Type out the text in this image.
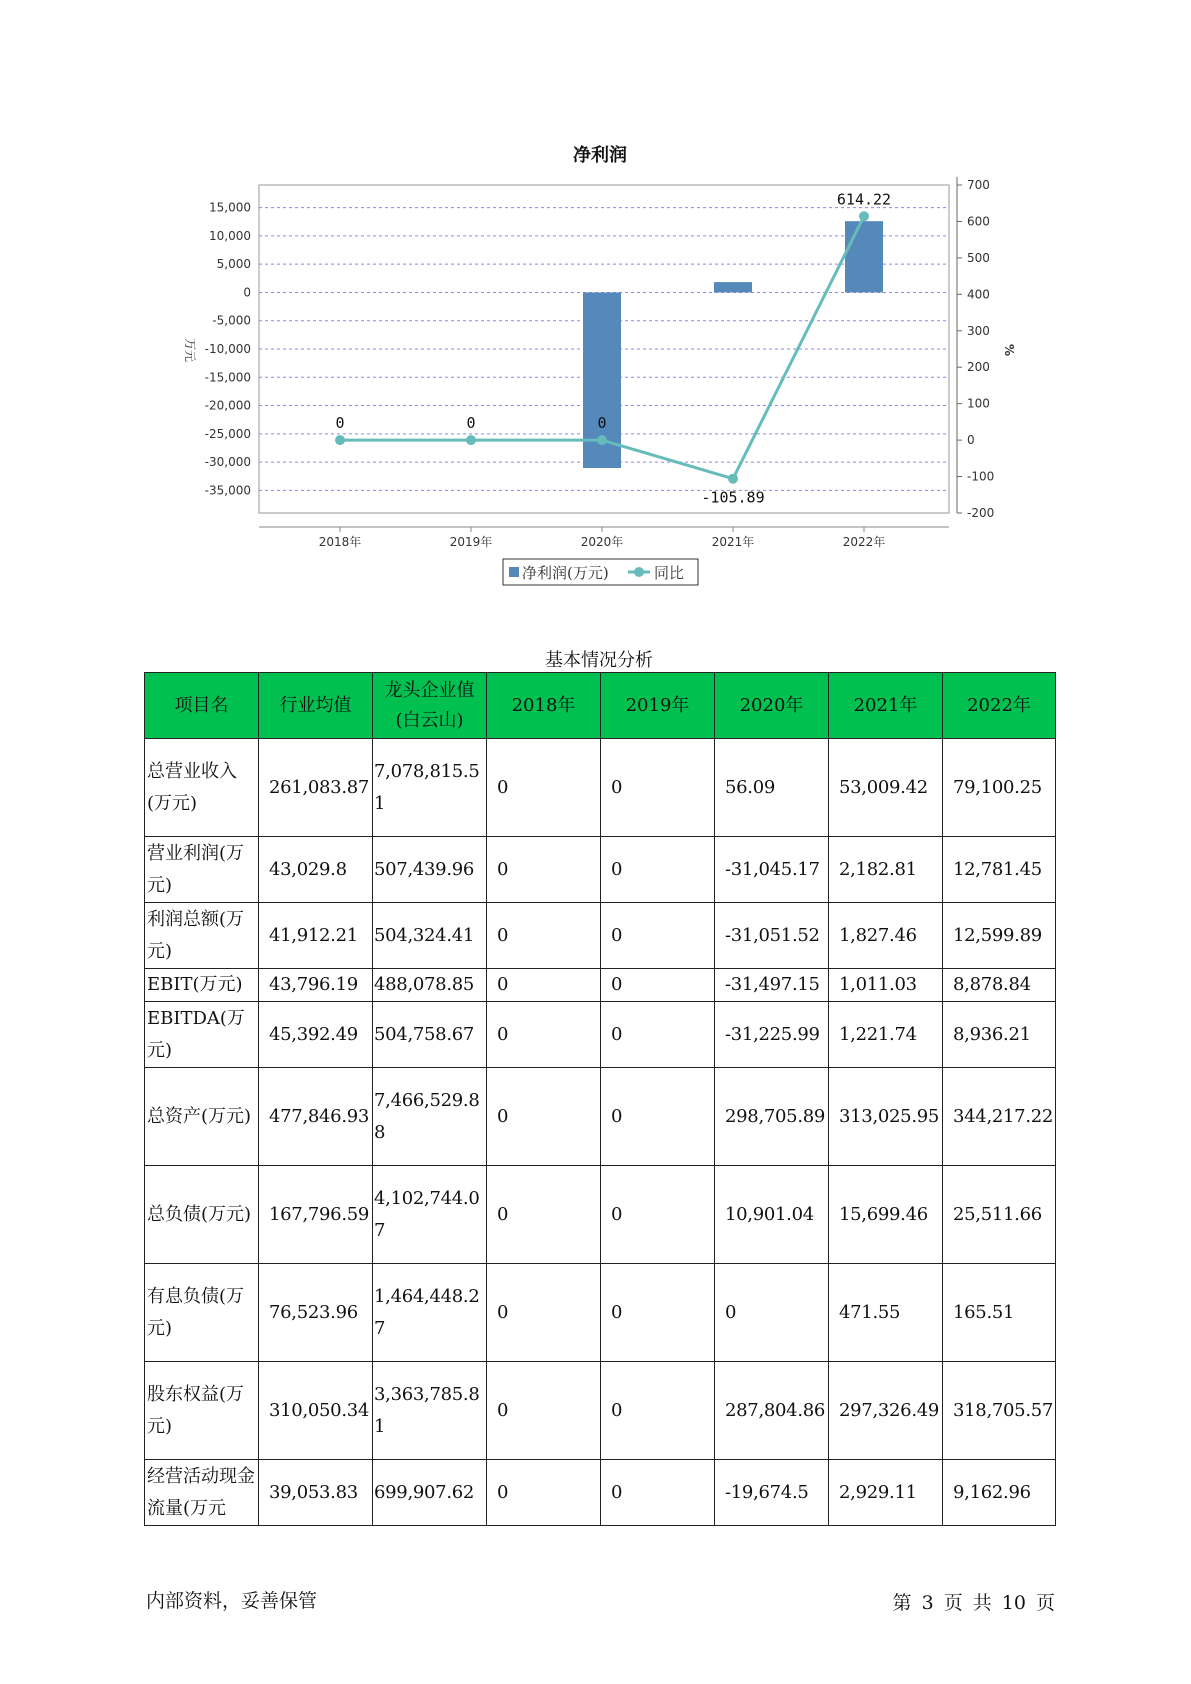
净利润
15,000
10,000
5,000
0
-5,000
-10,000
-15,000
-20,000
-25,000
-30,000
-35,000
700
600
500
400
300
200
100
0
-100
-200
2018年	2019年	2020年	2021年	2022年
0	0	0
-105.89
614.22
万元	%
净利润(万元)	同比
基本情况分析
项目名	行业均值	龙头企业值(白云山)	2018年	2019年	2020年	2021年	2022年
总营业收入(万元)	261,083.87	7,078,815.51	0	0	56.09	53,009.42	79,100.25
营业利润(万元)	43,029.8	507,439.96	0	0	-31,045.17	2,182.81	12,781.45
利润总额(万元)	41,912.21	504,324.41	0	0	-31,051.52	1,827.46	12,599.89
EBIT(万元)	43,796.19	488,078.85	0	0	-31,497.15	1,011.03	8,878.84
EBITDA(万元)	45,392.49	504,758.67	0	0	-31,225.99	1,221.74	8,936.21
总资产(万元)	477,846.93	7,466,529.88	0	0	298,705.89	313,025.95	344,217.22
总负债(万元)	167,796.59	4,102,744.07	0	0	10,901.04	15,699.46	25,511.66
有息负债(万元)	76,523.96	1,464,448.27	0	0	0	471.55	165.51
股东权益(万元)	310,050.34	3,363,785.81	0	0	287,804.86	297,326.49	318,705.57
经营活动现金流量(万元	39,053.83	699,907.62	0	0	-19,674.5	2,929.11	9,162.96
内部资料，妥善保管	第 3 页 共 10 页
